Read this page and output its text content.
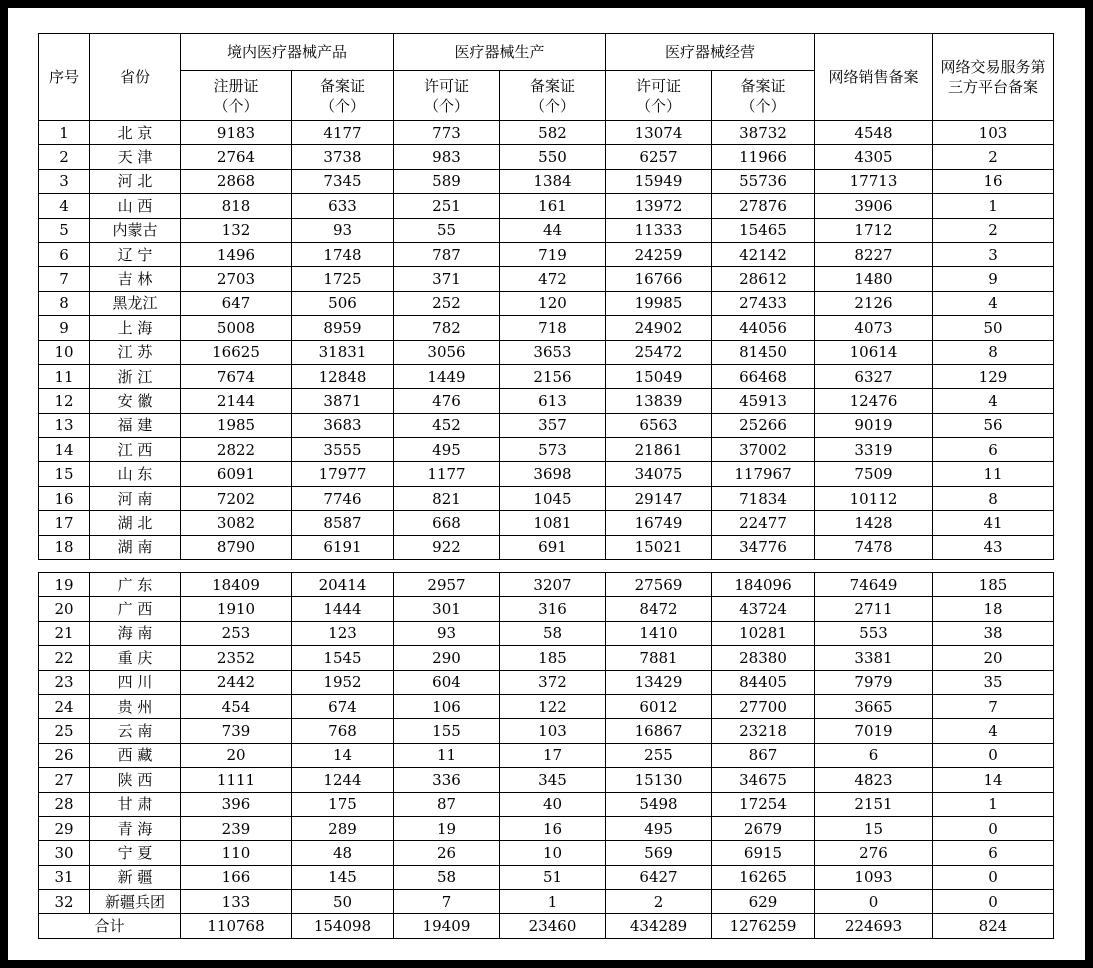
序号	省份	境内医疗器械产品		医疗器械生产		医疗器械经营		网络销售备案	网络交易服务第三方平台备案
		注册证（个）	备案证（个）	许可证（个）	备案证（个）	许可证（个）	备案证（个）		
1	北 京	9183	4177	773	582	13074	38732	4548	103
2	天 津	2764	3738	983	550	6257	11966	4305	2
3	河 北	2868	7345	589	1384	15949	55736	17713	16
4	山 西	818	633	251	161	13972	27876	3906	1
5	内蒙古	132	93	55	44	11333	15465	1712	2
6	辽 宁	1496	1748	787	719	24259	42142	8227	3
7	吉 林	2703	1725	371	472	16766	28612	1480	9
8	黑龙江	647	506	252	120	19985	27433	2126	4
9	上 海	5008	8959	782	718	24902	44056	4073	50
10	江 苏	16625	31831	3056	3653	25472	81450	10614	8
11	浙 江	7674	12848	1449	2156	15049	66468	6327	129
12	安 徽	2144	3871	476	613	13839	45913	12476	4
13	福 建	1985	3683	452	357	6563	25266	9019	56
14	江 西	2822	3555	495	573	21861	37002	3319	6
15	山 东	6091	17977	1177	3698	34075	117967	7509	11
16	河 南	7202	7746	821	1045	29147	71834	10112	8
17	湖 北	3082	8587	668	1081	16749	22477	1428	41
18	湖 南	8790	6191	922	691	15021	34776	7478	43
19	广 东	18409	20414	2957	3207	27569	184096	74649	185
20	广 西	1910	1444	301	316	8472	43724	2711	18
21	海 南	253	123	93	58	1410	10281	553	38
22	重 庆	2352	1545	290	185	7881	28380	3381	20
23	四 川	2442	1952	604	372	13429	84405	7979	35
24	贵 州	454	674	106	122	6012	27700	3665	7
25	云 南	739	768	155	103	16867	23218	7019	4
26	西 藏	20	14	11	17	255	867	6	0
27	陕 西	1111	1244	336	345	15130	34675	4823	14
28	甘 肃	396	175	87	40	5498	17254	2151	1
29	青 海	239	289	19	16	495	2679	15	0
30	宁 夏	110	48	26	10	569	6915	276	6
31	新 疆	166	145	58	51	6427	16265	1093	0
32	新疆兵团	133	50	7	1	2	629	0	0
合计		110768	154098	19409	23460	434289	1276259	224693	824
